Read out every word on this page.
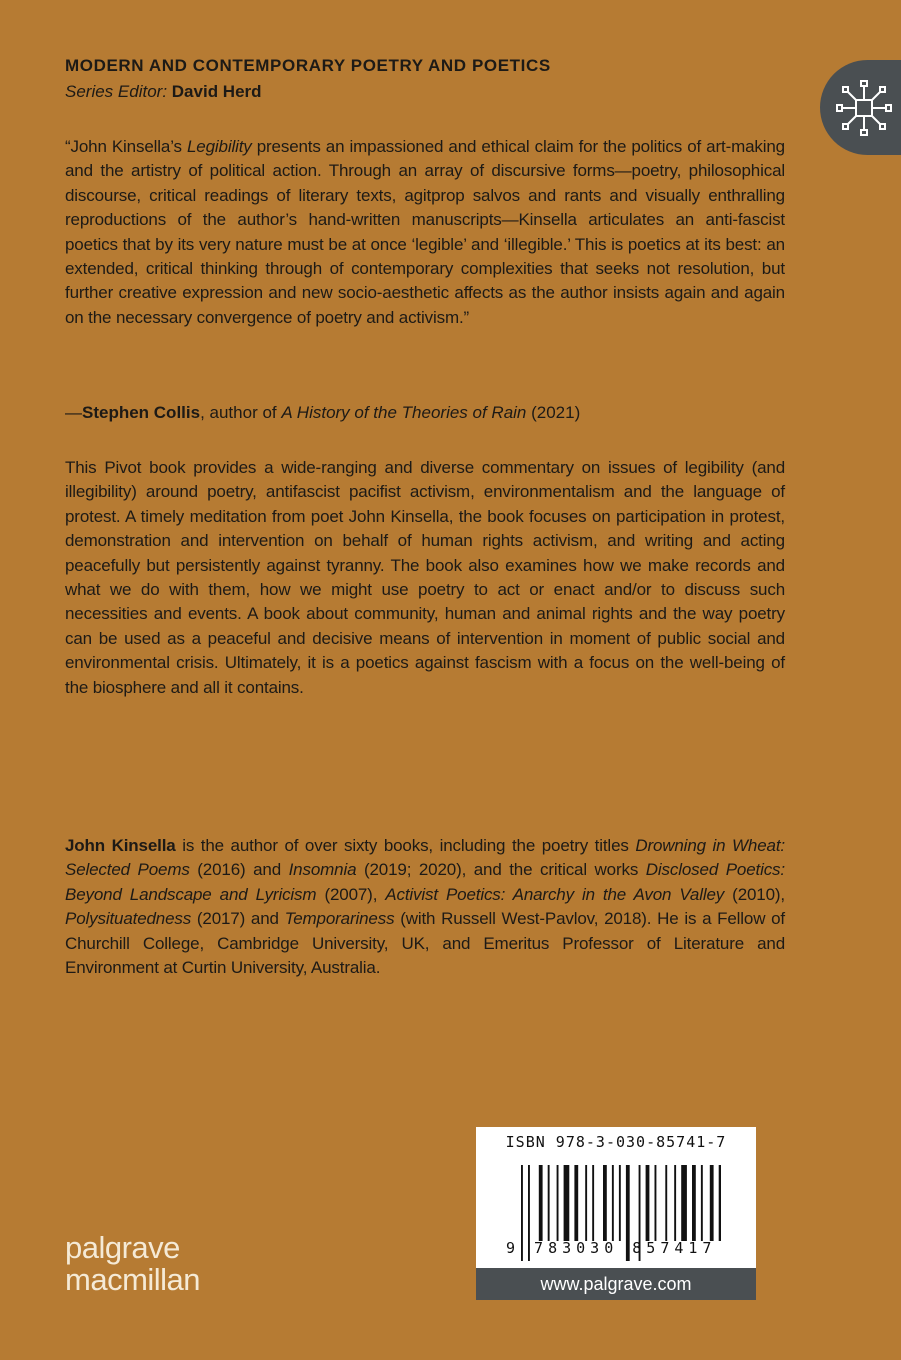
MODERN AND CONTEMPORARY POETRY AND POETICS
Series Editor: David Herd
“John Kinsella’s Legibility presents an impassioned and ethical claim for the politics of art-making and the artistry of political action. Through an array of discursive forms—poetry, philosophical discourse, critical readings of literary texts, agitprop salvos and rants and visually enthralling reproductions of the author’s hand-written manuscripts—Kinsella articulates an anti-fascist poetics that by its very nature must be at once ‘legible’ and ‘illegible.’ This is poetics at its best: an extended, critical thinking through of contemporary complexities that seeks not resolution, but further creative expression and new socio-aesthetic affects as the author insists again and again on the necessary convergence of poetry and activism.”
—Stephen Collis, author of A History of the Theories of Rain (2021)
This Pivot book provides a wide-ranging and diverse commentary on issues of legibility (and illegibility) around poetry, antifascist pacifist activism, environmentalism and the language of protest. A timely meditation from poet John Kinsella, the book focuses on participation in protest, demonstration and intervention on behalf of human rights activism, and writing and acting peacefully but persistently against tyranny. The book also examines how we make records and what we do with them, how we might use poetry to act or enact and/or to discuss such necessities and events. A book about community, human and animal rights and the way poetry can be used as a peaceful and decisive means of intervention in moment of public social and environmental crisis. Ultimately, it is a poetics against fascism with a focus on the well-being of the biosphere and all it contains.
John Kinsella is the author of over sixty books, including the poetry titles Drowning in Wheat: Selected Poems (2016) and Insomnia (2019; 2020), and the critical works Disclosed Poetics: Beyond Landscape and Lyricism (2007), Activist Poetics: Anarchy in the Avon Valley (2010), Polysituatedness (2017) and Temporariness (with Russell West-Pavlov, 2018). He is a Fellow of Churchill College, Cambridge University, UK, and Emeritus Professor of Literature and Environment at Curtin University, Australia.
ISBN 978-3-030-85741-7
9 783030 857417
www.palgrave.com
palgrave
macmillan
